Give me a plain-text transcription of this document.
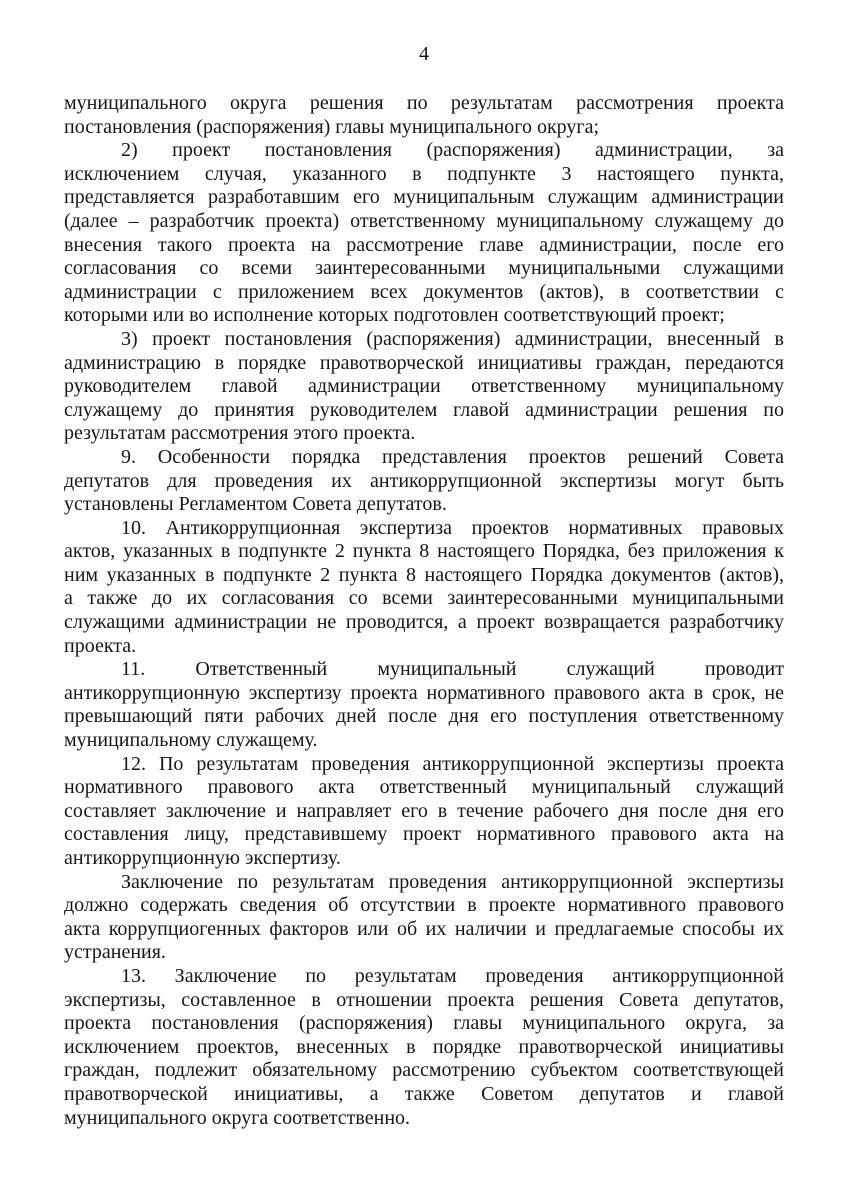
4
муниципального округа решения по результатам рассмотрения проекта
постановления (распоряжения) главы муниципального округа;
2) проект постановления (распоряжения) администрации, за
исключением случая, указанного в подпункте 3 настоящего пункта,
представляется разработавшим его муниципальным служащим администрации
(далее – разработчик проекта) ответственному муниципальному служащему до
внесения такого проекта на рассмотрение главе администрации, после его
согласования со всеми заинтересованными муниципальными служащими
администрации с приложением всех документов (актов), в соответствии с
которыми или во исполнение которых подготовлен соответствующий проект;
3) проект постановления (распоряжения) администрации, внесенный в
администрацию в порядке правотворческой инициативы граждан, передаются
руководителем главой администрации ответственному муниципальному
служащему до принятия руководителем главой администрации решения по
результатам рассмотрения этого проекта.
9. Особенности порядка представления проектов решений Совета
депутатов для проведения их антикоррупционной экспертизы могут быть
установлены Регламентом Совета депутатов.
10. Антикоррупционная экспертиза проектов нормативных правовых
актов, указанных в подпункте 2 пункта 8 настоящего Порядка, без приложения к
ним указанных в подпункте 2 пункта 8 настоящего Порядка документов (актов),
а также до их согласования со всеми заинтересованными муниципальными
служащими администрации не проводится, а проект возвращается разработчику
проекта.
11. Ответственный муниципальный служащий проводит
антикоррупционную экспертизу проекта нормативного правового акта в срок, не
превышающий пяти рабочих дней после дня его поступления ответственному
муниципальному служащему.
12. По результатам проведения антикоррупционной экспертизы проекта
нормативного правового акта ответственный муниципальный служащий
составляет заключение и направляет его в течение рабочего дня после дня его
составления лицу, представившему проект нормативного правового акта на
антикоррупционную экспертизу.
Заключение по результатам проведения антикоррупционной экспертизы
должно содержать сведения об отсутствии в проекте нормативного правового
акта коррупциогенных факторов или об их наличии и предлагаемые способы их
устранения.
13. Заключение по результатам проведения антикоррупционной
экспертизы, составленное в отношении проекта решения Совета депутатов,
проекта постановления (распоряжения) главы муниципального округа, за
исключением проектов, внесенных в порядке правотворческой инициативы
граждан, подлежит обязательному рассмотрению субъектом соответствующей
правотворческой инициативы, а также Советом депутатов и главой
муниципального округа соответственно.
